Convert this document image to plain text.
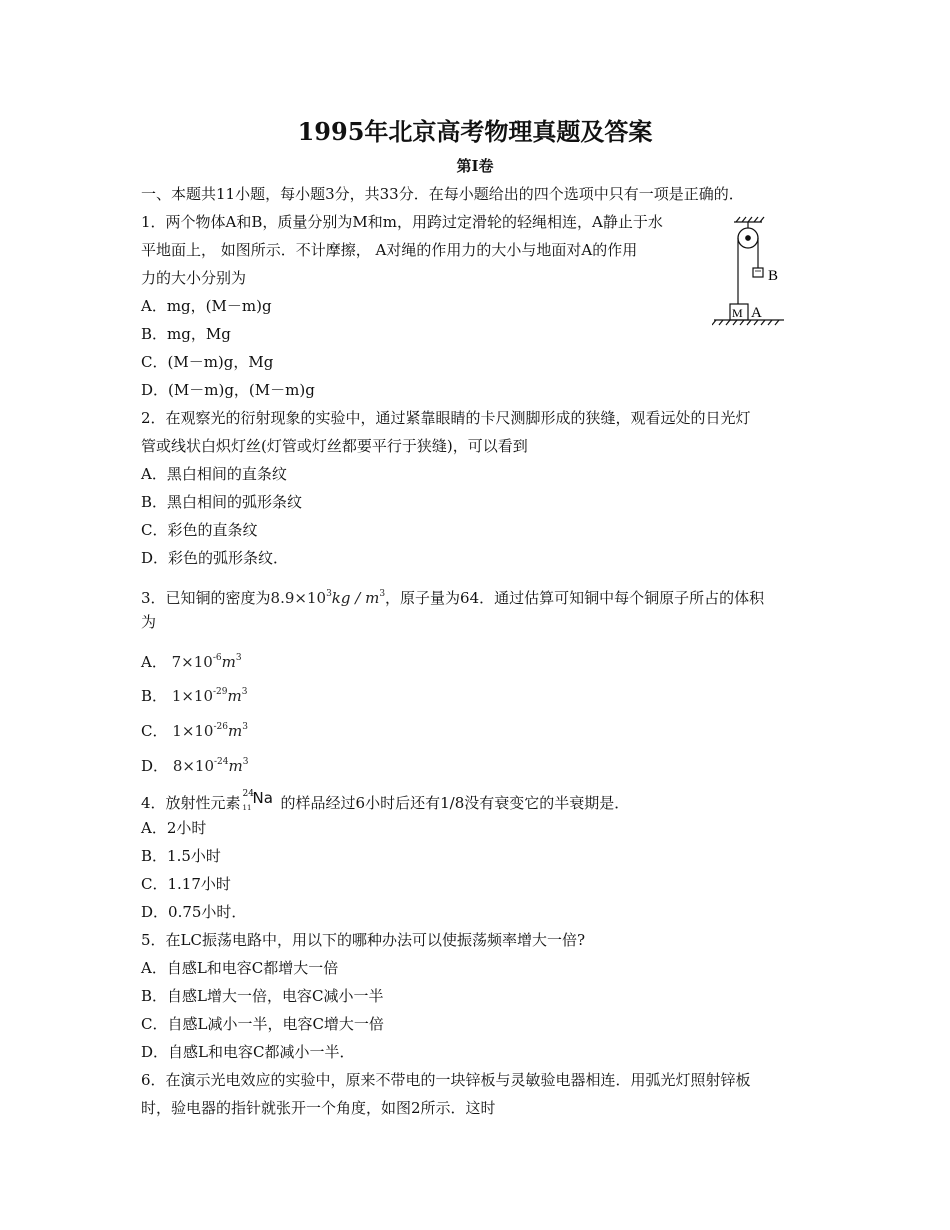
1995年北京高考物理真题及答案
第Ⅰ卷
一、本题共11小题，每小题3分，共33分．在每小题给出的四个选项中只有一项是正确的．
1．两个物体A和B，质量分别为M和m，用跨过定滑轮的轻绳相连，A静止于水
平地面上， 如图所示．不计摩擦， A对绳的作用力的大小与地面对A的作用
力的大小分别为
A．mg，(M－m)g
B．mg，Mg
C．(M－m)g，Mg
D．(M－m)g，(M－m)g
B
M A
2．在观察光的衍射现象的实验中，通过紧靠眼睛的卡尺测脚形成的狭缝，观看远处的日光灯
管或线状白炽灯丝(灯管或灯丝都要平行于狭缝)，可以看到
A．黑白相间的直条纹
B．黑白相间的弧形条纹
C．彩色的直条纹
D．彩色的弧形条纹．
3．已知铜的密度为$8.9\times 10^3kg / m^3$，原子量为64．通过估算可知铜中每个铜原子所占的体积
为
A． $7\times 10^{-6}m^3$
B． $1\times 10^{-29}m^3$
C． $1\times 10^{-26}m^3$
D． $8\times 10^{-24}m^3$
4．放射性元素 24
11
Na 的样品经过6小时后还有1/8没有衰变它的半衰期是．
A．2小时
B．1.5小时
C．1.17小时
D．0.75小时．
5．在LC振荡电路中，用以下的哪种办法可以使振荡频率增大一倍?
A．自感L和电容C都增大一倍
B．自感L增大一倍，电容C减小一半
C．自感L减小一半，电容C增大一倍
D．自感L和电容C都减小一半．
6．在演示光电效应的实验中，原来不带电的一块锌板与灵敏验电器相连．用弧光灯照射锌板
时，验电器的指针就张开一个角度，如图2所示．这时
